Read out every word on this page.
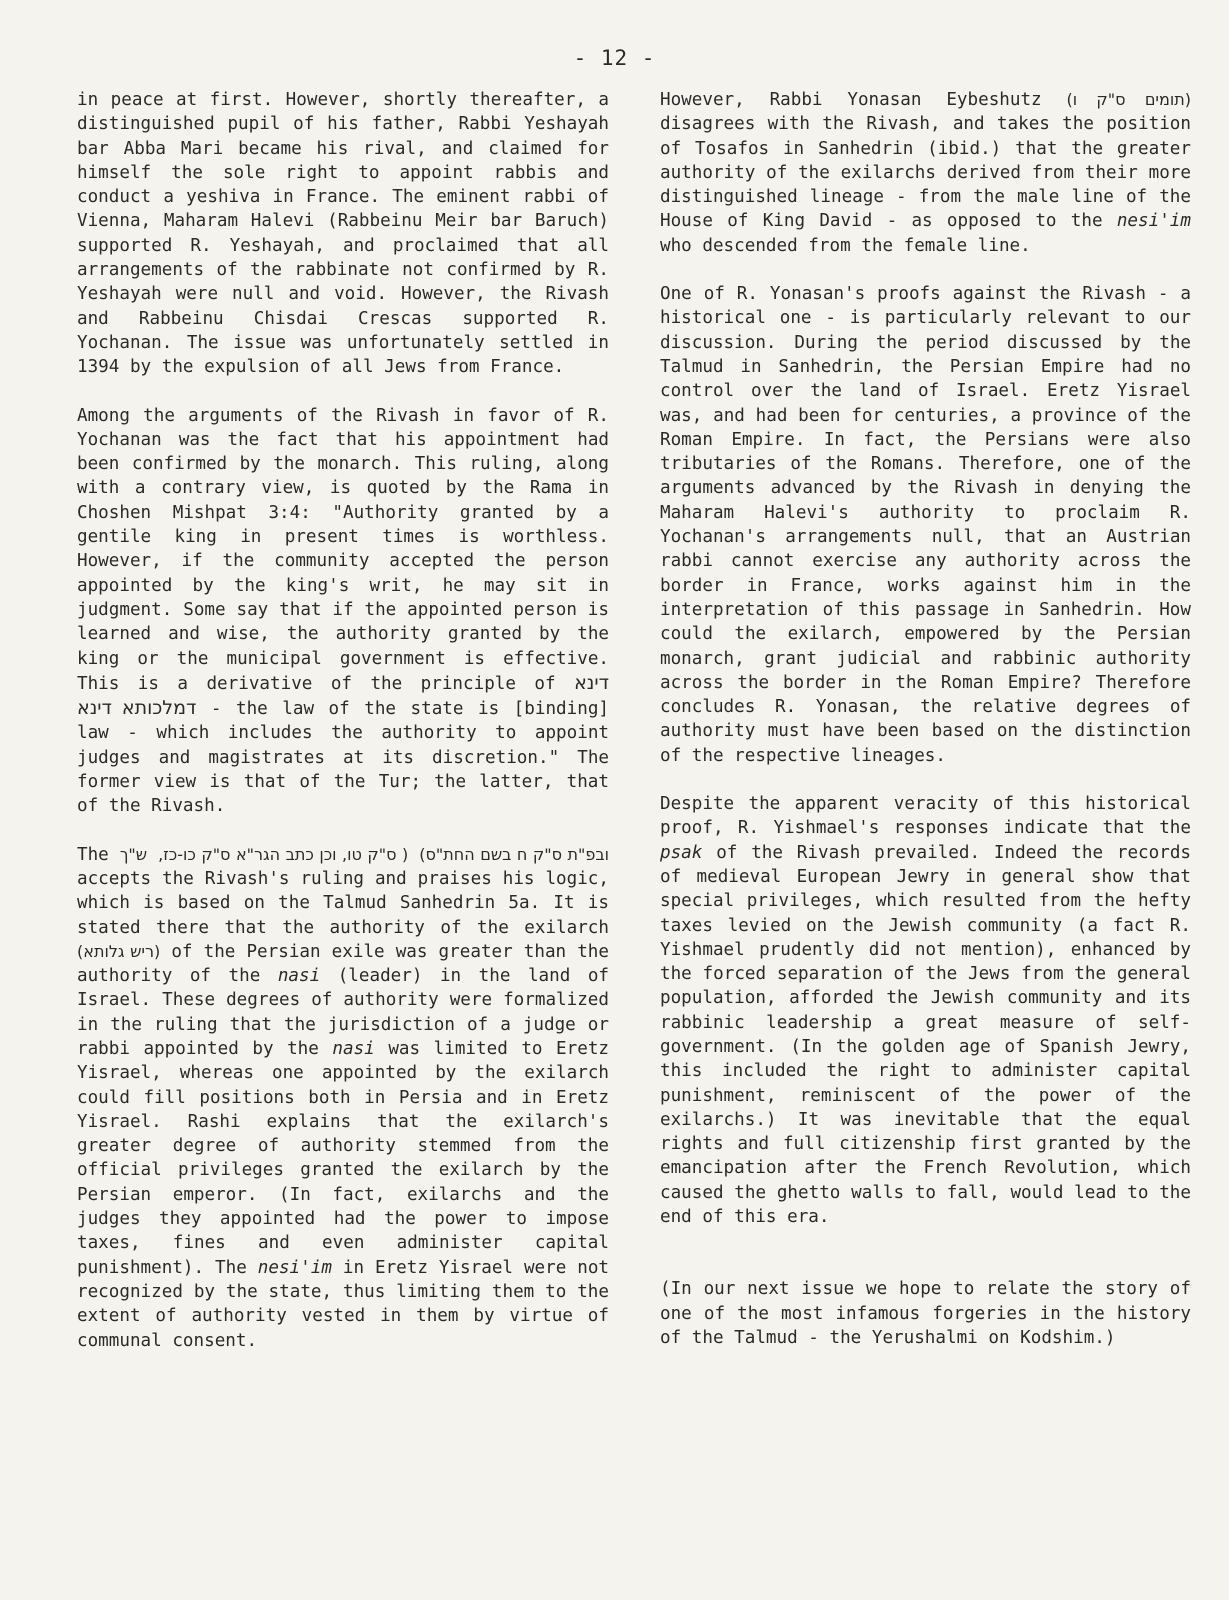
- 12 -

in peace at first. However, shortly thereafter, a distinguished pupil of his father, Rabbi Yeshayah bar Abba Mari became his rival, and claimed for himself the sole right to appoint rabbis and conduct a yeshiva in France. The eminent rabbi of Vienna, Maharam Halevi (Rabbeinu Meir bar Baruch) supported R. Yeshayah, and proclaimed that all arrangements of the rabbinate not confirmed by R. Yeshayah were null and void. However, the Rivash and Rabbeinu Chisdai Crescas supported R. Yochanan. The issue was unfortunately settled in 1394 by the expulsion of all Jews from France.

Among the arguments of the Rivash in favor of R. Yochanan was the fact that his appointment had been confirmed by the monarch. This ruling, along with a contrary view, is quoted by the Rama in Choshen Mishpat 3:4: "Authority granted by a gentile king in present times is worthless. However, if the community accepted the person appointed by the king's writ, he may sit in judgment. Some say that if the appointed person is learned and wise, the authority granted by the king or the municipal government is effective. This is a derivative of the principle of דינא דמלכותא דינא - the law of the state is [binding] law - which includes the authority to appoint judges and magistrates at its discretion." The former view is that of the Tur; the latter, that of the Rivash.

The ש"ך ( ס"ק טו, וכן כתב הגר"א ס"ק כו-כז, ובפ"ת ס"ק ח בשם החת"ס) accepts the Rivash's ruling and praises his logic, which is based on the Talmud Sanhedrin 5a. It is stated there that the authority of the exilarch (ריש גלותא) of the Persian exile was greater than the authority of the nasi (leader) in the land of Israel. These degrees of authority were formalized in the ruling that the jurisdiction of a judge or rabbi appointed by the nasi was limited to Eretz Yisrael, whereas one appointed by the exilarch could fill positions both in Persia and in Eretz Yisrael. Rashi explains that the exilarch's greater degree of authority stemmed from the official privileges granted the exilarch by the Persian emperor. (In fact, exilarchs and the judges they appointed had the power to impose taxes, fines and even administer capital punishment). The nesi'im in Eretz Yisrael were not recognized by the state, thus limiting them to the extent of authority vested in them by virtue of communal consent.

However, Rabbi Yonasan Eybeshutz (תומים ס"ק ו) disagrees with the Rivash, and takes the position of Tosafos in Sanhedrin (ibid.) that the greater authority of the exilarchs derived from their more distinguished lineage - from the male line of the House of King David - as opposed to the nesi'im who descended from the female line.

One of R. Yonasan's proofs against the Rivash - a historical one - is particularly relevant to our discussion. During the period discussed by the Talmud in Sanhedrin, the Persian Empire had no control over the land of Israel. Eretz Yisrael was, and had been for centuries, a province of the Roman Empire. In fact, the Persians were also tributaries of the Romans. Therefore, one of the arguments advanced by the Rivash in denying the Maharam Halevi's authority to proclaim R. Yochanan's arrangements null, that an Austrian rabbi cannot exercise any authority across the border in France, works against him in the interpretation of this passage in Sanhedrin. How could the exilarch, empowered by the Persian monarch, grant judicial and rabbinic authority across the border in the Roman Empire? Therefore concludes R. Yonasan, the relative degrees of authority must have been based on the distinction of the respective lineages.

Despite the apparent veracity of this historical proof, R. Yishmael's responses indicate that the psak of the Rivash prevailed. Indeed the records of medieval European Jewry in general show that special privileges, which resulted from the hefty taxes levied on the Jewish community (a fact R. Yishmael prudently did not mention), enhanced by the forced separation of the Jews from the general population, afforded the Jewish community and its rabbinic leadership a great measure of self-government. (In the golden age of Spanish Jewry, this included the right to administer capital punishment, reminiscent of the power of the exilarchs.) It was inevitable that the equal rights and full citizenship first granted by the emancipation after the French Revolution, which caused the ghetto walls to fall, would lead to the end of this era.

(In our next issue we hope to relate the story of one of the most infamous forgeries in the history of the Talmud - the Yerushalmi on Kodshim.)
